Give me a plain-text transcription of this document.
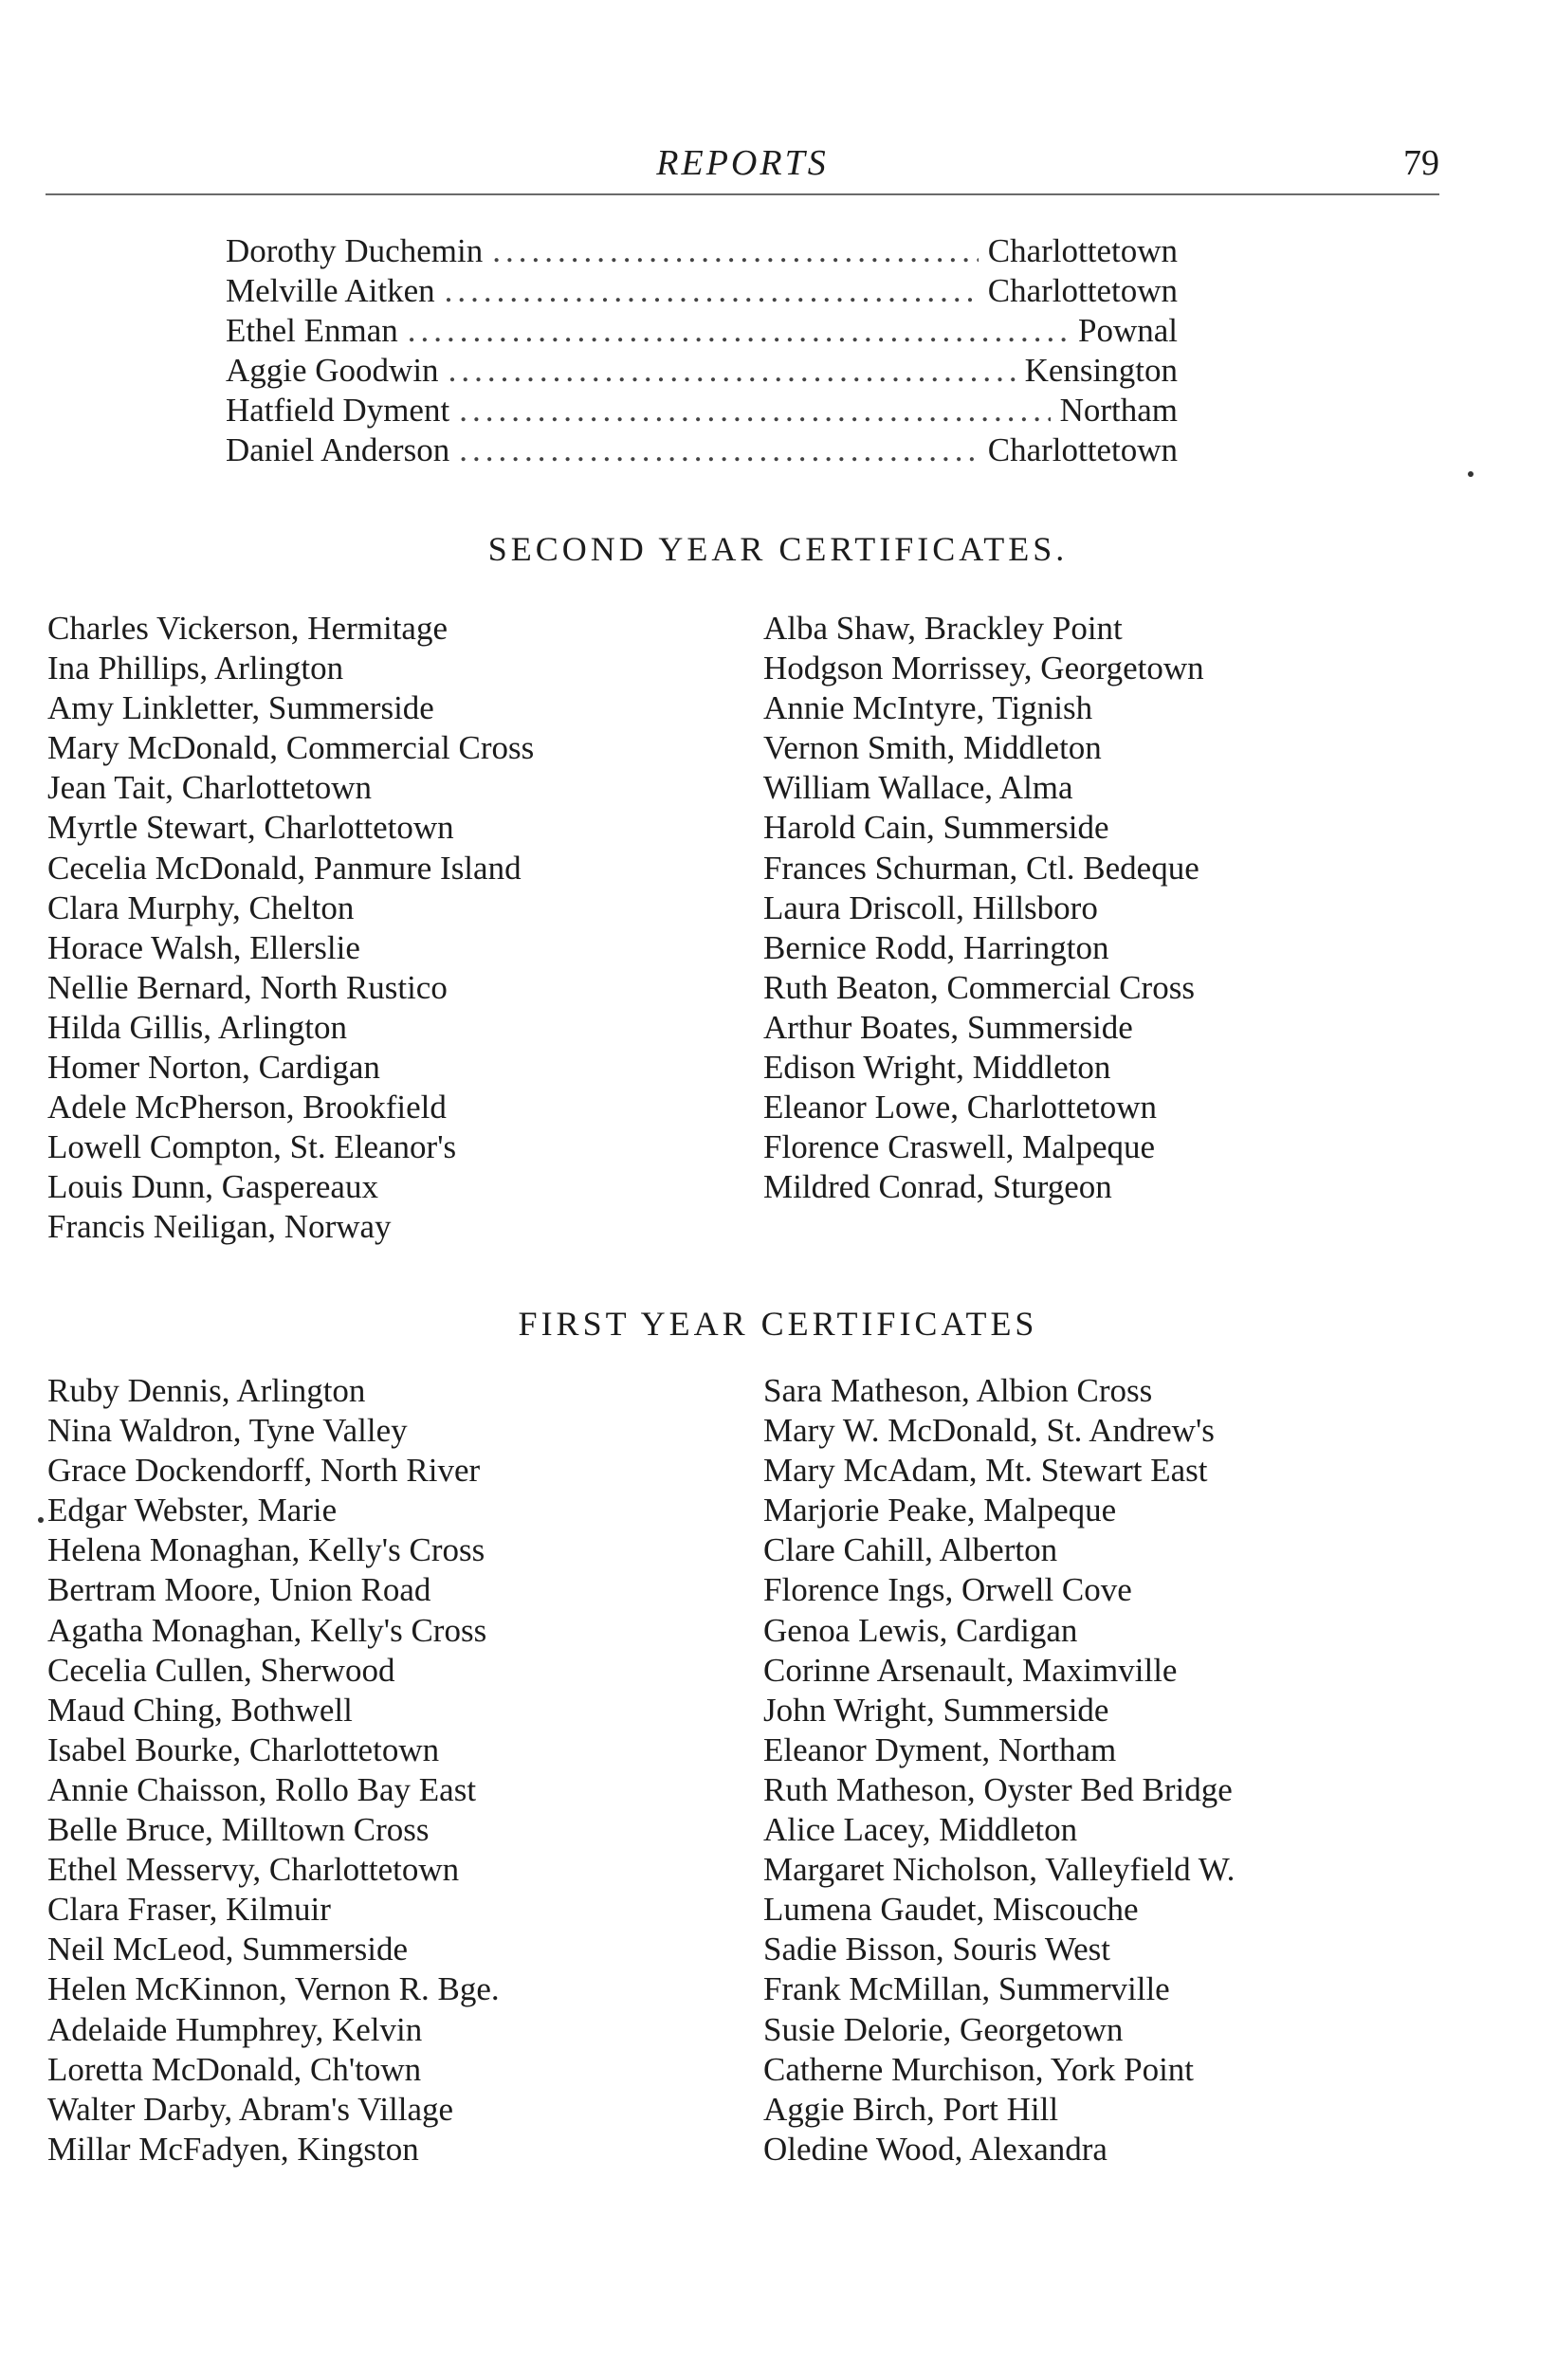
REPORTS	79
Dorothy Duchemin .....	Charlottetown
Melville Aitken .....	Charlottetown
Ethel Enman .....	Pownal
Aggie Goodwin .....	Kensington
Hatfield Dyment .....	Northam
Daniel Anderson .....	Charlottetown
SECOND YEAR CERTIFICATES.
Charles Vickerson, Hermitage
Ina Phillips, Arlington
Amy Linkletter, Summerside
Mary McDonald, Commercial Cross
Jean Tait, Charlottetown
Myrtle Stewart, Charlottetown
Cecelia McDonald, Panmure Island
Clara Murphy, Chelton
Horace Walsh, Ellerslie
Nellie Bernard, North Rustico
Hilda Gillis, Arlington
Homer Norton, Cardigan
Adele McPherson, Brookfield
Lowell Compton, St. Eleanor's
Louis Dunn, Gaspereaux
Francis Neiligan, Norway
Alba Shaw, Brackley Point
Hodgson Morrissey, Georgetown
Annie McIntyre, Tignish
Vernon Smith, Middleton
William Wallace, Alma
Harold Cain, Summerside
Frances Schurman, Ctl. Bedeque
Laura Driscoll, Hillsboro
Bernice Rodd, Harrington
Ruth Beaton, Commercial Cross
Arthur Boates, Summerside
Edison Wright, Middleton
Eleanor Lowe, Charlottetown
Florence Craswell, Malpeque
Mildred Conrad, Sturgeon
FIRST YEAR CERTIFICATES
Ruby Dennis, Arlington
Nina Waldron, Tyne Valley
Grace Dockendorff, North River
Edgar Webster, Marie
Helena Monaghan, Kelly's Cross
Bertram Moore, Union Road
Agatha Monaghan, Kelly's Cross
Cecelia Cullen, Sherwood
Maud Ching, Bothwell
Isabel Bourke, Charlottetown
Annie Chaisson, Rollo Bay East
Belle Bruce, Milltown Cross
Ethel Messervy, Charlottetown
Clara Fraser, Kilmuir
Neil McLeod, Summerside
Helen McKinnon, Vernon R. Bge.
Adelaide Humphrey, Kelvin
Loretta McDonald, Ch'town
Walter Darby, Abram's Village
Millar McFadyen, Kingston
Sara Matheson, Albion Cross
Mary W. McDonald, St. Andrew's
Mary McAdam, Mt. Stewart East
Marjorie Peake, Malpeque
Clare Cahill, Alberton
Florence Ings, Orwell Cove
Genoa Lewis, Cardigan
Corinne Arsenault, Maximville
John Wright, Summerside
Eleanor Dyment, Northam
Ruth Matheson, Oyster Bed Bridge
Alice Lacey, Middleton
Margaret Nicholson, Valleyfield W.
Lumena Gaudet, Miscouche
Sadie Bisson, Souris West
Frank McMillan, Summerville
Susie Delorie, Georgetown
Catherne Murchison, York Point
Aggie Birch, Port Hill
Oledine Wood, Alexandra
